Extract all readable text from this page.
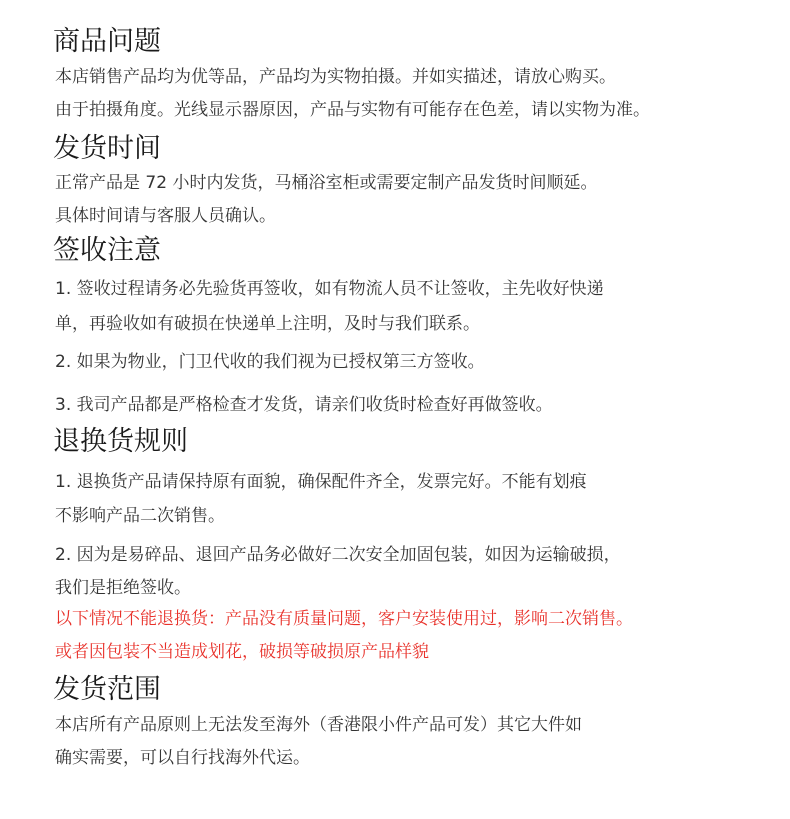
商品问题

本店销售产品均为优等品，产品均为实物拍摄。并如实描述，请放心购买。

由于拍摄角度。光线显示器原因，产品与实物有可能存在色差，请以实物为准。

发货时间

正常产品是 72 小时内发货，马桶浴室柜或需要定制产品发货时间顺延。

具体时间请与客服人员确认。

签收注意

1. 签收过程请务必先验货再签收，如有物流人员不让签收，主先收好快递

单，再验收如有破损在快递单上注明，及时与我们联系。

2. 如果为物业，门卫代收的我们视为已授权第三方签收。

3. 我司产品都是严格检查才发货，请亲们收货时检查好再做签收。

退换货规则

1. 退换货产品请保持原有面貌，确保配件齐全，发票完好。不能有划痕

不影响产品二次销售。

2. 因为是易碎品、退回产品务必做好二次安全加固包装，如因为运输破损，

我们是拒绝签收。

以下情况不能退换货：产品没有质量问题，客户安装使用过，影响二次销售。

或者因包装不当造成划花，破损等破损原产品样貌

发货范围

本店所有产品原则上无法发至海外（香港限小件产品可发）其它大件如

确实需要，可以自行找海外代运。
